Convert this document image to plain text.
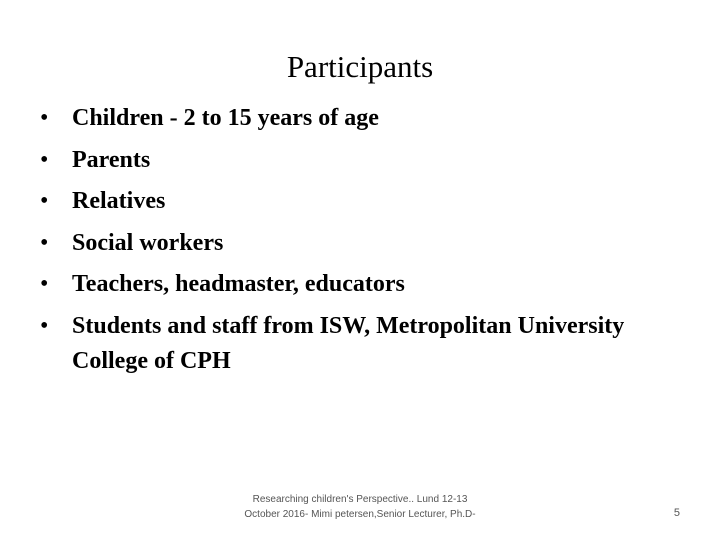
Participants
• Children - 2 to 15 years of age
• Parents
• Relatives
• Social workers
• Teachers, headmaster, educators
• Students and staff from ISW, Metropolitan University College of CPH
Researching children's Perspective.. Lund 12-13 October 2016- Mimi petersen,Senior Lecturer, Ph.D-	5
